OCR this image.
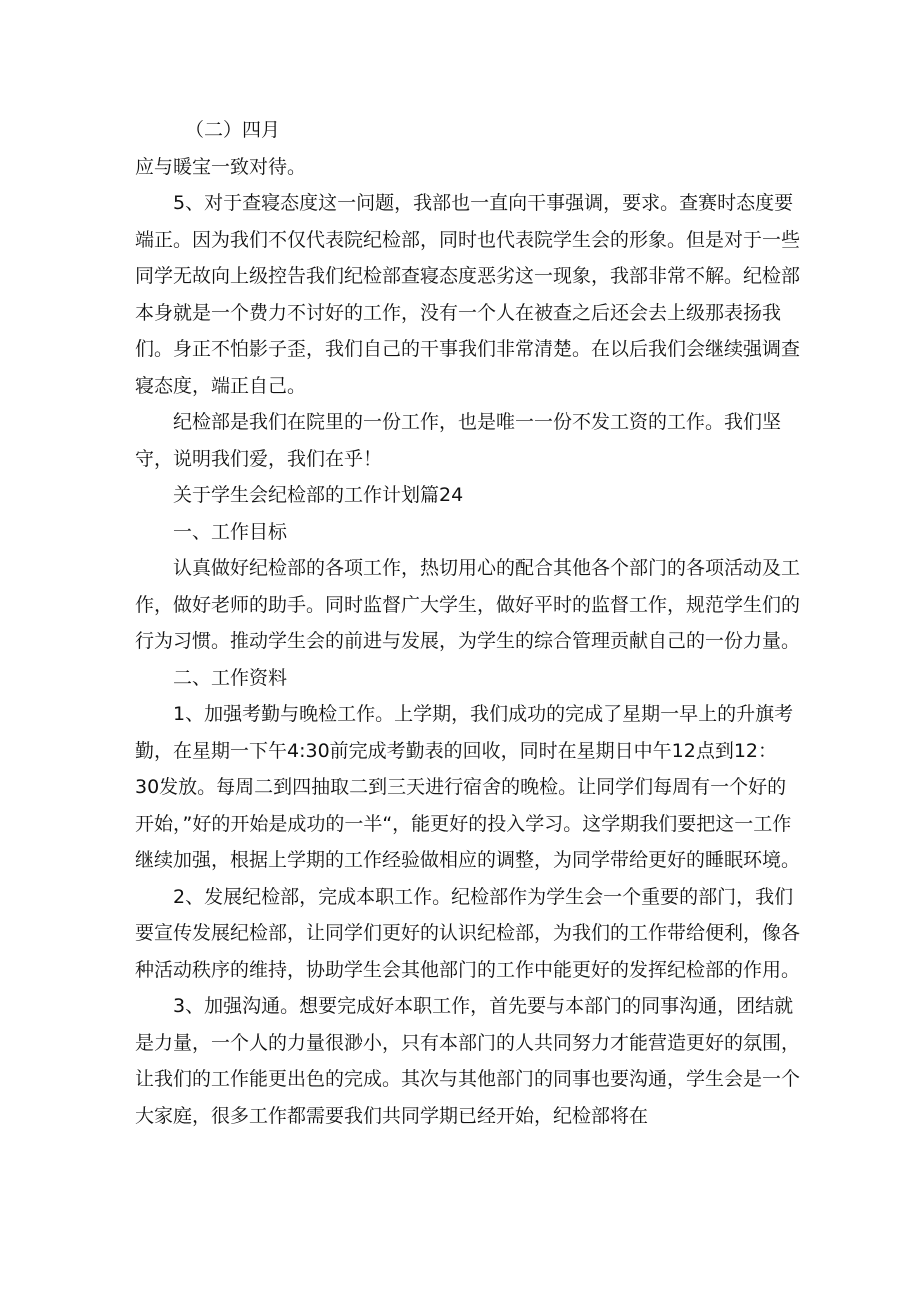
（二）四月

应与暖宝一致对待。

5、对于查寝态度这一问题，我部也一直向干事强调，要求。查赛时态度要端正。因为我们不仅代表院纪检部，同时也代表院学生会的形象。但是对于一些同学无故向上级控告我们纪检部查寝态度恶劣这一现象，我部非常不解。纪检部本身就是一个费力不讨好的工作，没有一个人在被查之后还会去上级那表扬我们。身正不怕影子歪，我们自己的干事我们非常清楚。在以后我们会继续强调查寝态度，端正自己。

纪检部是我们在院里的一份工作，也是唯一一份不发工资的工作。我们坚守，说明我们爱，我们在乎！

关于学生会纪检部的工作计划篇24

一、工作目标

认真做好纪检部的各项工作，热切用心的配合其他各个部门的各项活动及工作，做好老师的助手。同时监督广大学生，做好平时的监督工作，规范学生们的行为习惯。推动学生会的前进与发展，为学生的综合管理贡献自己的一份力量。

二、工作资料

1、加强考勤与晚检工作。上学期，我们成功的完成了星期一早上的升旗考勤，在星期一下午4:30前完成考勤表的回收，同时在星期日中午12点到12：30发放。每周二到四抽取二到三天进行宿舍的晚检。让同学们每周有一个好的开始，”好的开始是成功的一半“，能更好的投入学习。这学期我们要把这一工作继续加强，根据上学期的工作经验做相应的调整，为同学带给更好的睡眠环境。

2、发展纪检部，完成本职工作。纪检部作为学生会一个重要的部门，我们要宣传发展纪检部，让同学们更好的认识纪检部，为我们的工作带给便利，像各种活动秩序的维持，协助学生会其他部门的工作中能更好的发挥纪检部的作用。

3、加强沟通。想要完成好本职工作，首先要与本部门的同事沟通，团结就是力量，一个人的力量很渺小，只有本部门的人共同努力才能营造更好的氛围，让我们的工作能更出色的完成。其次与其他部门的同事也要沟通，学生会是一个大家庭，很多工作都需要我们共同学期已经开始，纪检部将在
